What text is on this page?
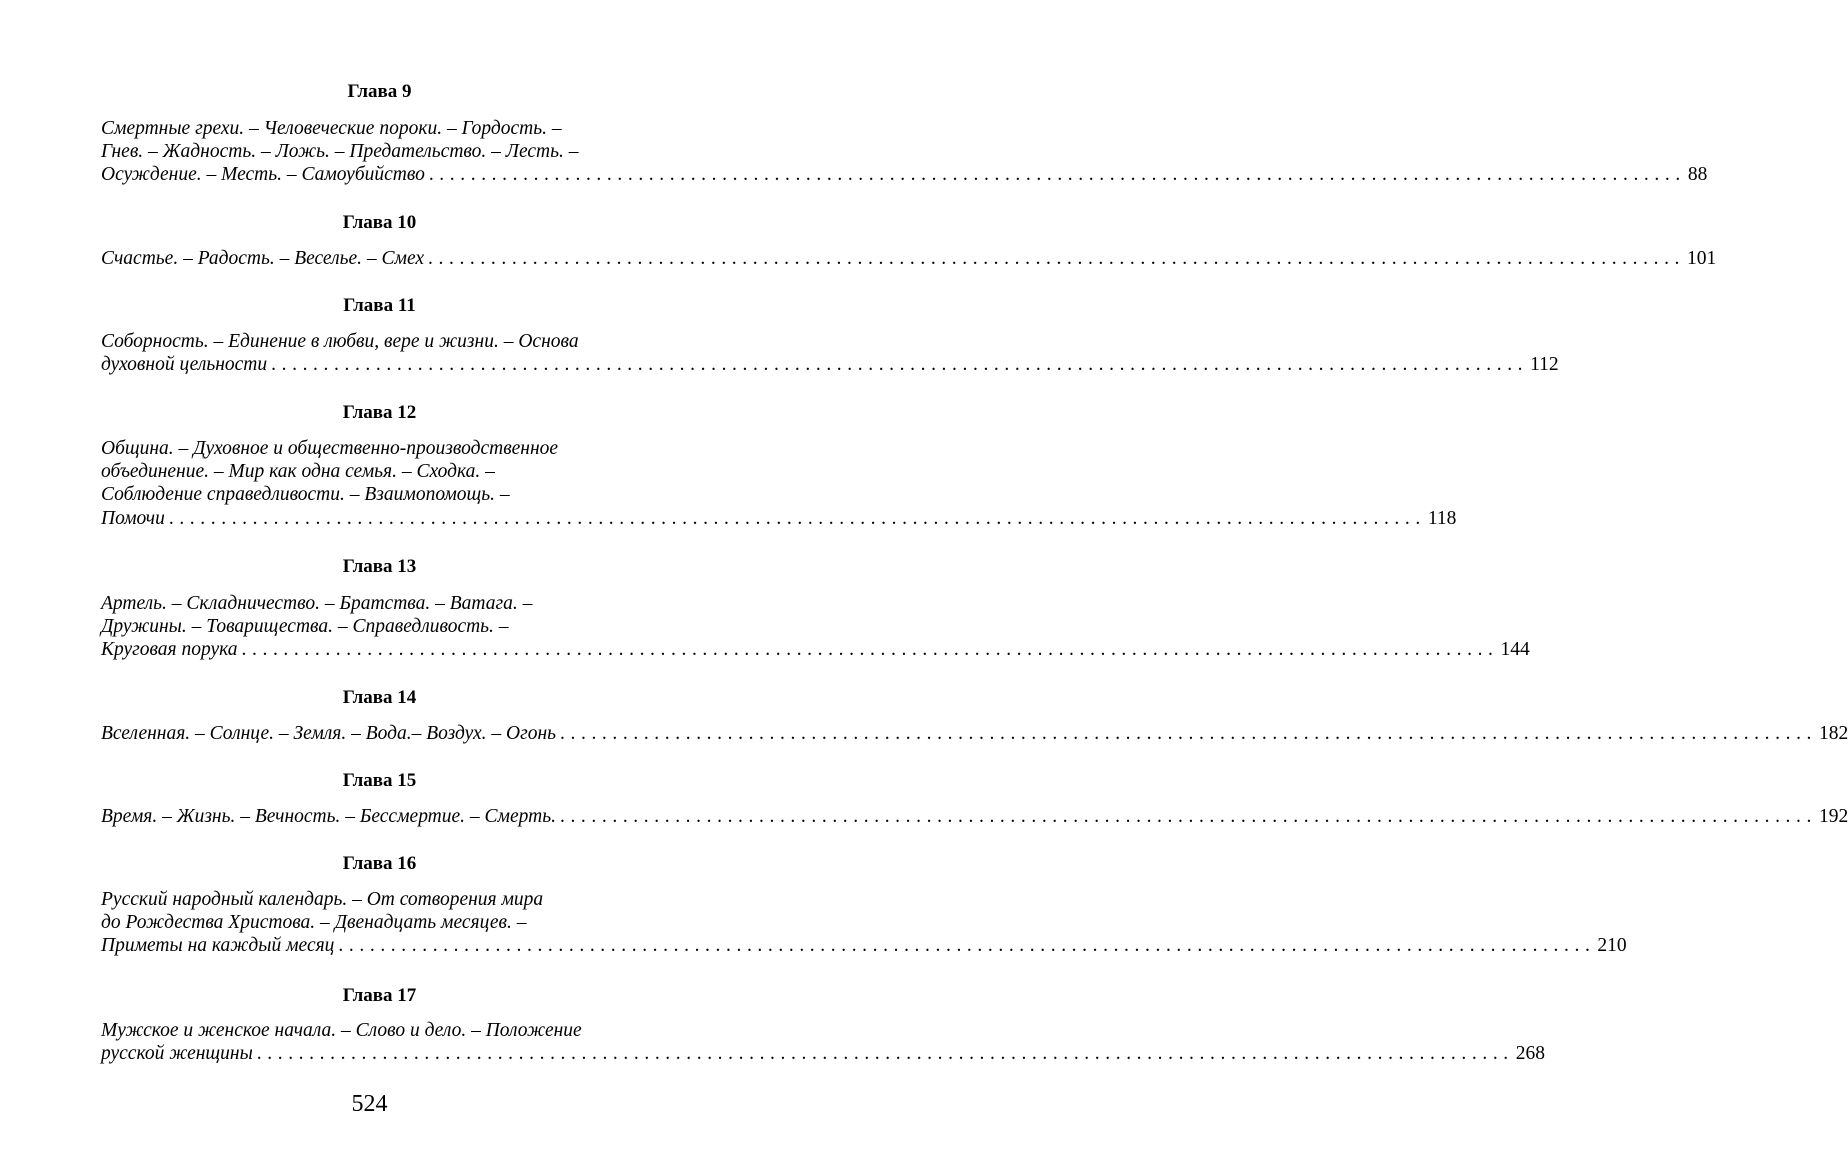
Глава 9
Смертные грехи. – Человеческие пороки. – Гордость. –
Гнев. – Жадность. – Ложь. – Предательство. – Лесть. –
Осуждение. – Месть. – Самоубийство ........................................................................................................................ 88
Глава 10
Счастье. – Радость. – Веселье. – Смех ........................................................................................................................ 101
Глава 11
Соборность. – Единение в любви, вере и жизни. – Основа
духовной цельности ........................................................................................................................ 112
Глава 12
Община. – Духовное и общественно-производственное
объединение. – Мир как одна семья. – Сходка. –
Соблюдение справедливости. – Взаимопомощь. –
Помочи ........................................................................................................................ 118
Глава 13
Артель. – Складничество. – Братства. – Ватага. –
Дружины. – Товарищества. – Справедливость. –
Круговая порука ........................................................................................................................ 144
Глава 14
Вселенная. – Солнце. – Земля. – Вода.– Воздух. – Огонь ........................................................................................................................ 182
Глава 15
Время. – Жизнь. – Вечность. – Бессмертие. – Смерть. ........................................................................................................................ 192
Глава 16
Русский народный календарь. – От сотворения мира
до Рождества Христова. – Двенадцать месяцев. –
Приметы на каждый месяц ........................................................................................................................ 210
Глава 17
Мужское и женское начала. – Слово и дело. – Положение
русской женщины ........................................................................................................................ 268
524
